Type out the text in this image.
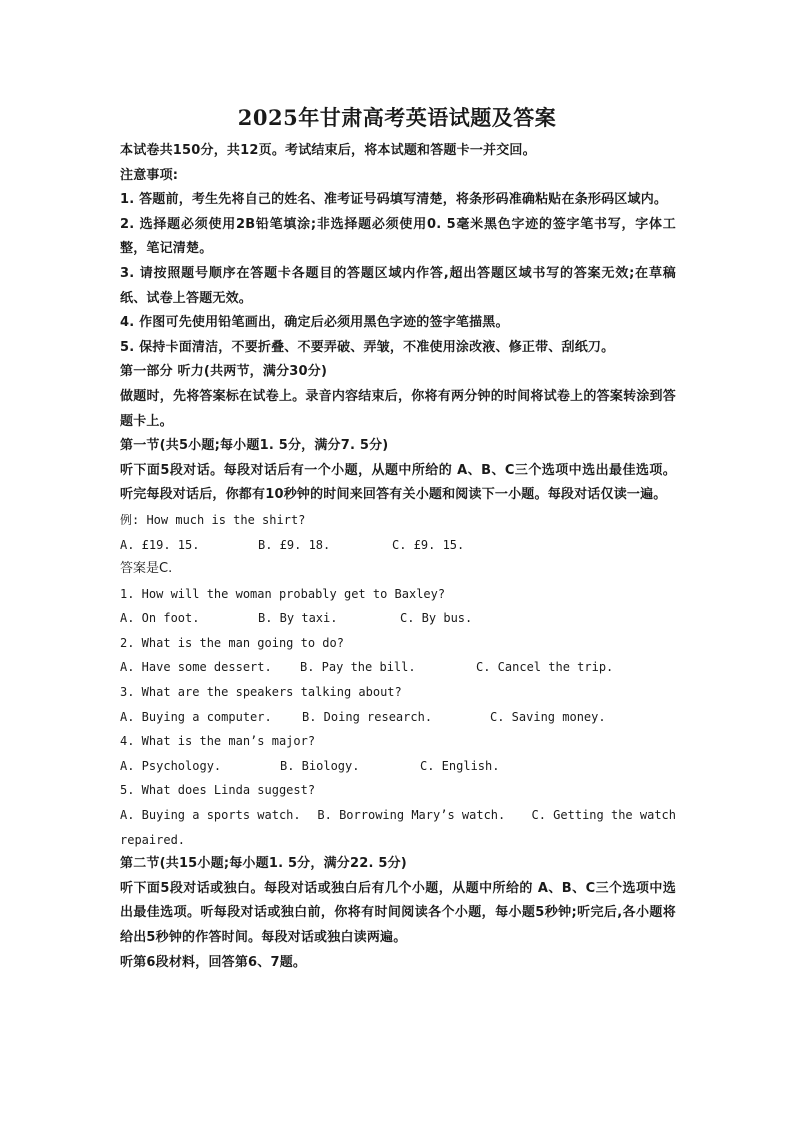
2025年甘肃高考英语试题及答案

本试卷共150分，共12页。考试结束后，将本试题和答题卡一并交回。

注意事项:

1. 答题前，考生先将自己的姓名、准考证号码填写清楚，将条形码准确粘贴在条形码区域内。

2. 选择题必须使用2B铅笔填涂;非选择题必须使用0. 5毫米黑色字迹的签字笔书写，字体工整，笔记清楚。

3. 请按照题号顺序在答题卡各题目的答题区域内作答,超出答题区域书写的答案无效;在草稿纸、试卷上答题无效。

4. 作图可先使用铅笔画出，确定后必须用黑色字迹的签字笔描黑。

5. 保持卡面清洁，不要折叠、不要弄破、弄皱，不准使用涂改液、修正带、刮纸刀。

第一部分 听力(共两节，满分30分)

做题时，先将答案标在试卷上。录音内容结束后，你将有两分钟的时间将试卷上的答案转涂到答题卡上。

第一节(共5小题;每小题1. 5分，满分7. 5分)

听下面5段对话。每段对话后有一个小题，从题中所给的 A、B、C三个选项中选出最佳选项。听完每段对话后，你都有10秒钟的时间来回答有关小题和阅读下一小题。每段对话仅读一遍。

例: How much is the shirt?

A. £19. 15.	B. £9. 18.	C. £9. 15.

答案是C.

1. How will the woman probably get to Baxley?

A. On foot.	B. By taxi.	C. By bus.

2. What is the man going to do?

A. Have some dessert.	B. Pay the bill.	C. Cancel the trip.

3. What are the speakers talking about?

A. Buying a computer.	B. Doing research.	C. Saving money.

4. What is the man’s major?

A. Psychology.	B. Biology.	C. English.

5. What does Linda suggest?

A. Buying a sports watch.	B. Borrowing Mary’s watch.	C. Getting the watch

repaired.

第二节(共15小题;每小题1. 5分，满分22. 5分)

听下面5段对话或独白。每段对话或独白后有几个小题，从题中所给的 A、B、C三个选项中选出最佳选项。听每段对话或独白前，你将有时间阅读各个小题，每小题5秒钟;听完后,各小题将给出5秒钟的作答时间。每段对话或独白读两遍。

听第6段材料，回答第6、7题。
